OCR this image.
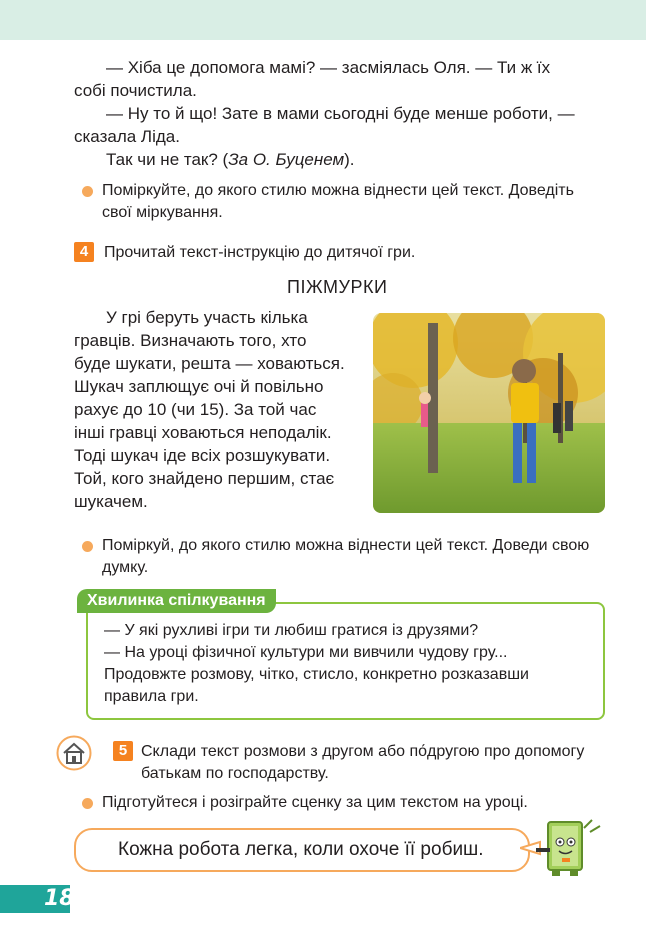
— Хіба це допомога мамі? — засміялась Оля. — Ти ж їх

собі почистила.

— Ну то й що! Зате в мами сьогодні буде менше роботи, —

сказала Ліда.

Так чи не так? (За О. Буценем).

Поміркуйте, до якого стилю можна віднести цей текст. Доведіть

свої міркування.

4 Прочитай текст-інструкцію до дитячої гри.

ПІЖМУРКИ
У грі беруть участь кілька
гравців. Визначають того, хто
буде шукати, решта — ховаються.
Шукач заплющує очі й повільно
рахує до 10 (чи 15). За той час
інші гравці ховаються неподалік.
Тоді шукач іде всіх розшукувати.
Той, кого знайдено першим, стає
шукачем.

Поміркуй, до якого стилю можна віднести цей текст. Доведи свою

думку.

Хвилинка спілкування

— У які рухливі ігри ти любиш гратися із друзями?

— На уроці фізичної культури ми вивчили чудову гру...

Продовжте розмову, чітко, стисло, конкретно розказавши

правила гри.

5 Склади текст розмови з другом або по́другою про допомогу

батькам по господарству.

Підготуйтеся і розіграйте сценку за цим текстом на уроці.

Кожна робота легка, коли охоче її робиш.

18
